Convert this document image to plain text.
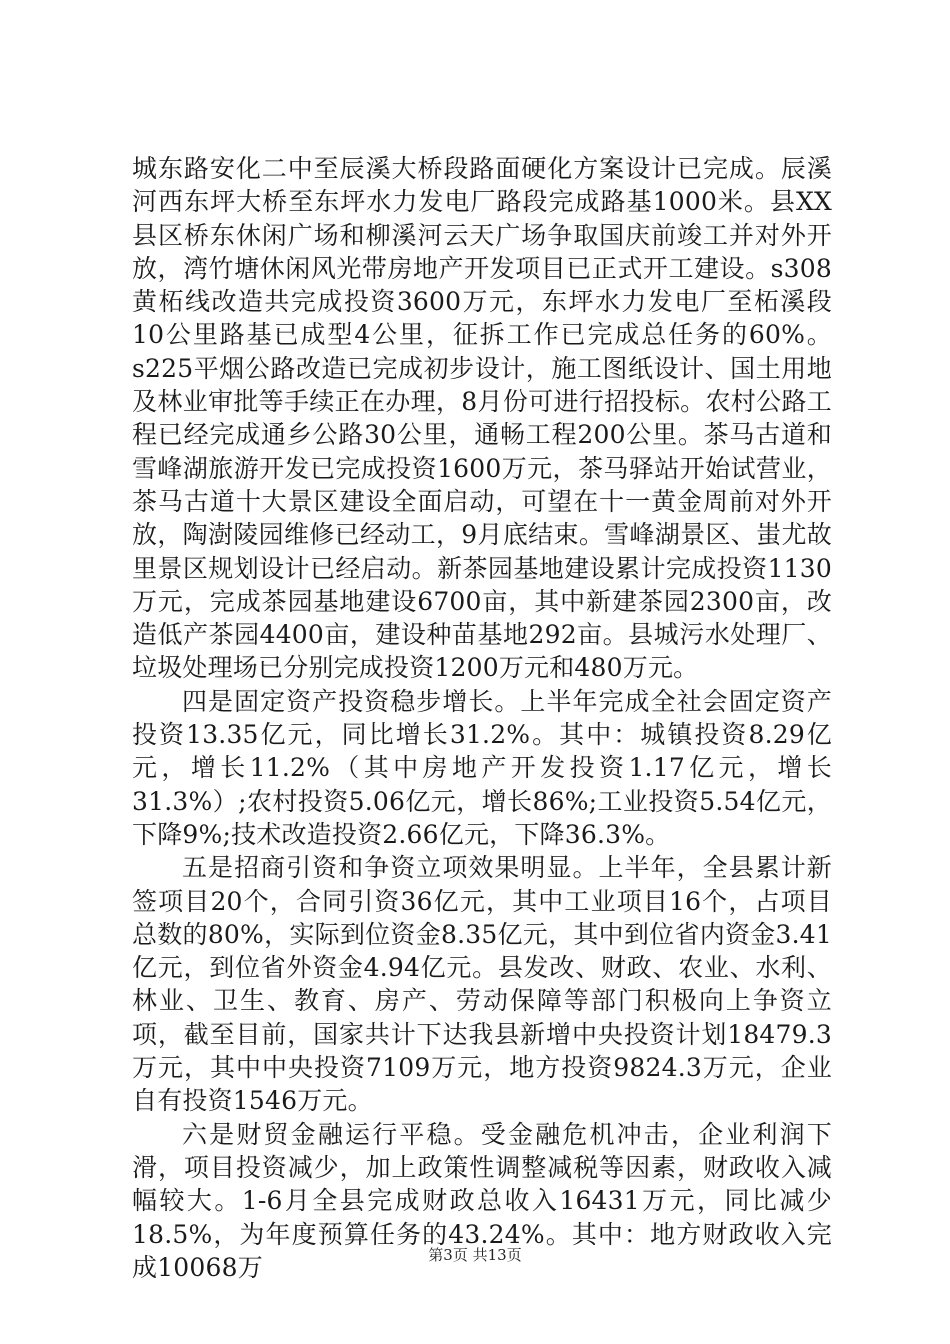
城东路安化二中至辰溪大桥段路面硬化方案设计已完成。辰溪河西东坪大桥至东坪水力发电厂路段完成路基1000米。县XX县区桥东休闲广场和柳溪河云天广场争取国庆前竣工并对外开放，湾竹塘休闲风光带房地产开发项目已正式开工建设。s308黄柘线改造共完成投资3600万元，东坪水力发电厂至柘溪段10公里路基已成型4公里，征拆工作已完成总任务的60%。s225平烟公路改造已完成初步设计，施工图纸设计、国土用地及林业审批等手续正在办理，8月份可进行招投标。农村公路工程已经完成通乡公路30公里，通畅工程200公里。茶马古道和雪峰湖旅游开发已完成投资1600万元，茶马驿站开始试营业，茶马古道十大景区建设全面启动，可望在十一黄金周前对外开放，陶澍陵园维修已经动工，9月底结束。雪峰湖景区、蚩尤故里景区规划设计已经启动。新茶园基地建设累计完成投资1130万元，完成茶园基地建设6700亩，其中新建茶园2300亩，改造低产茶园4400亩，建设种苗基地292亩。县城污水处理厂、垃圾处理场已分别完成投资1200万元和480万元。

四是固定资产投资稳步增长。上半年完成全社会固定资产投资13.35亿元，同比增长31.2%。其中：城镇投资8.29亿元，增长11.2%（其中房地产开发投资1.17亿元，增长31.3%）;农村投资5.06亿元，增长86%;工业投资5.54亿元，下降9%;技术改造投资2.66亿元，下降36.3%。

五是招商引资和争资立项效果明显。上半年，全县累计新签项目20个，合同引资36亿元，其中工业项目16个，占项目总数的80%，实际到位资金8.35亿元，其中到位省内资金3.41亿元，到位省外资金4.94亿元。县发改、财政、农业、水利、林业、卫生、教育、房产、劳动保障等部门积极向上争资立项，截至目前，国家共计下达我县新增中央投资计划18479.3万元，其中中央投资7109万元，地方投资9824.3万元，企业自有投资1546万元。

六是财贸金融运行平稳。受金融危机冲击，企业利润下滑，项目投资减少，加上政策性调整减税等因素，财政收入减幅较大。1-6月全县完成财政总收入16431万元，同比减少18.5%，为年度预算任务的43.24%。其中：地方财政收入完成10068万	第3页 共13页
